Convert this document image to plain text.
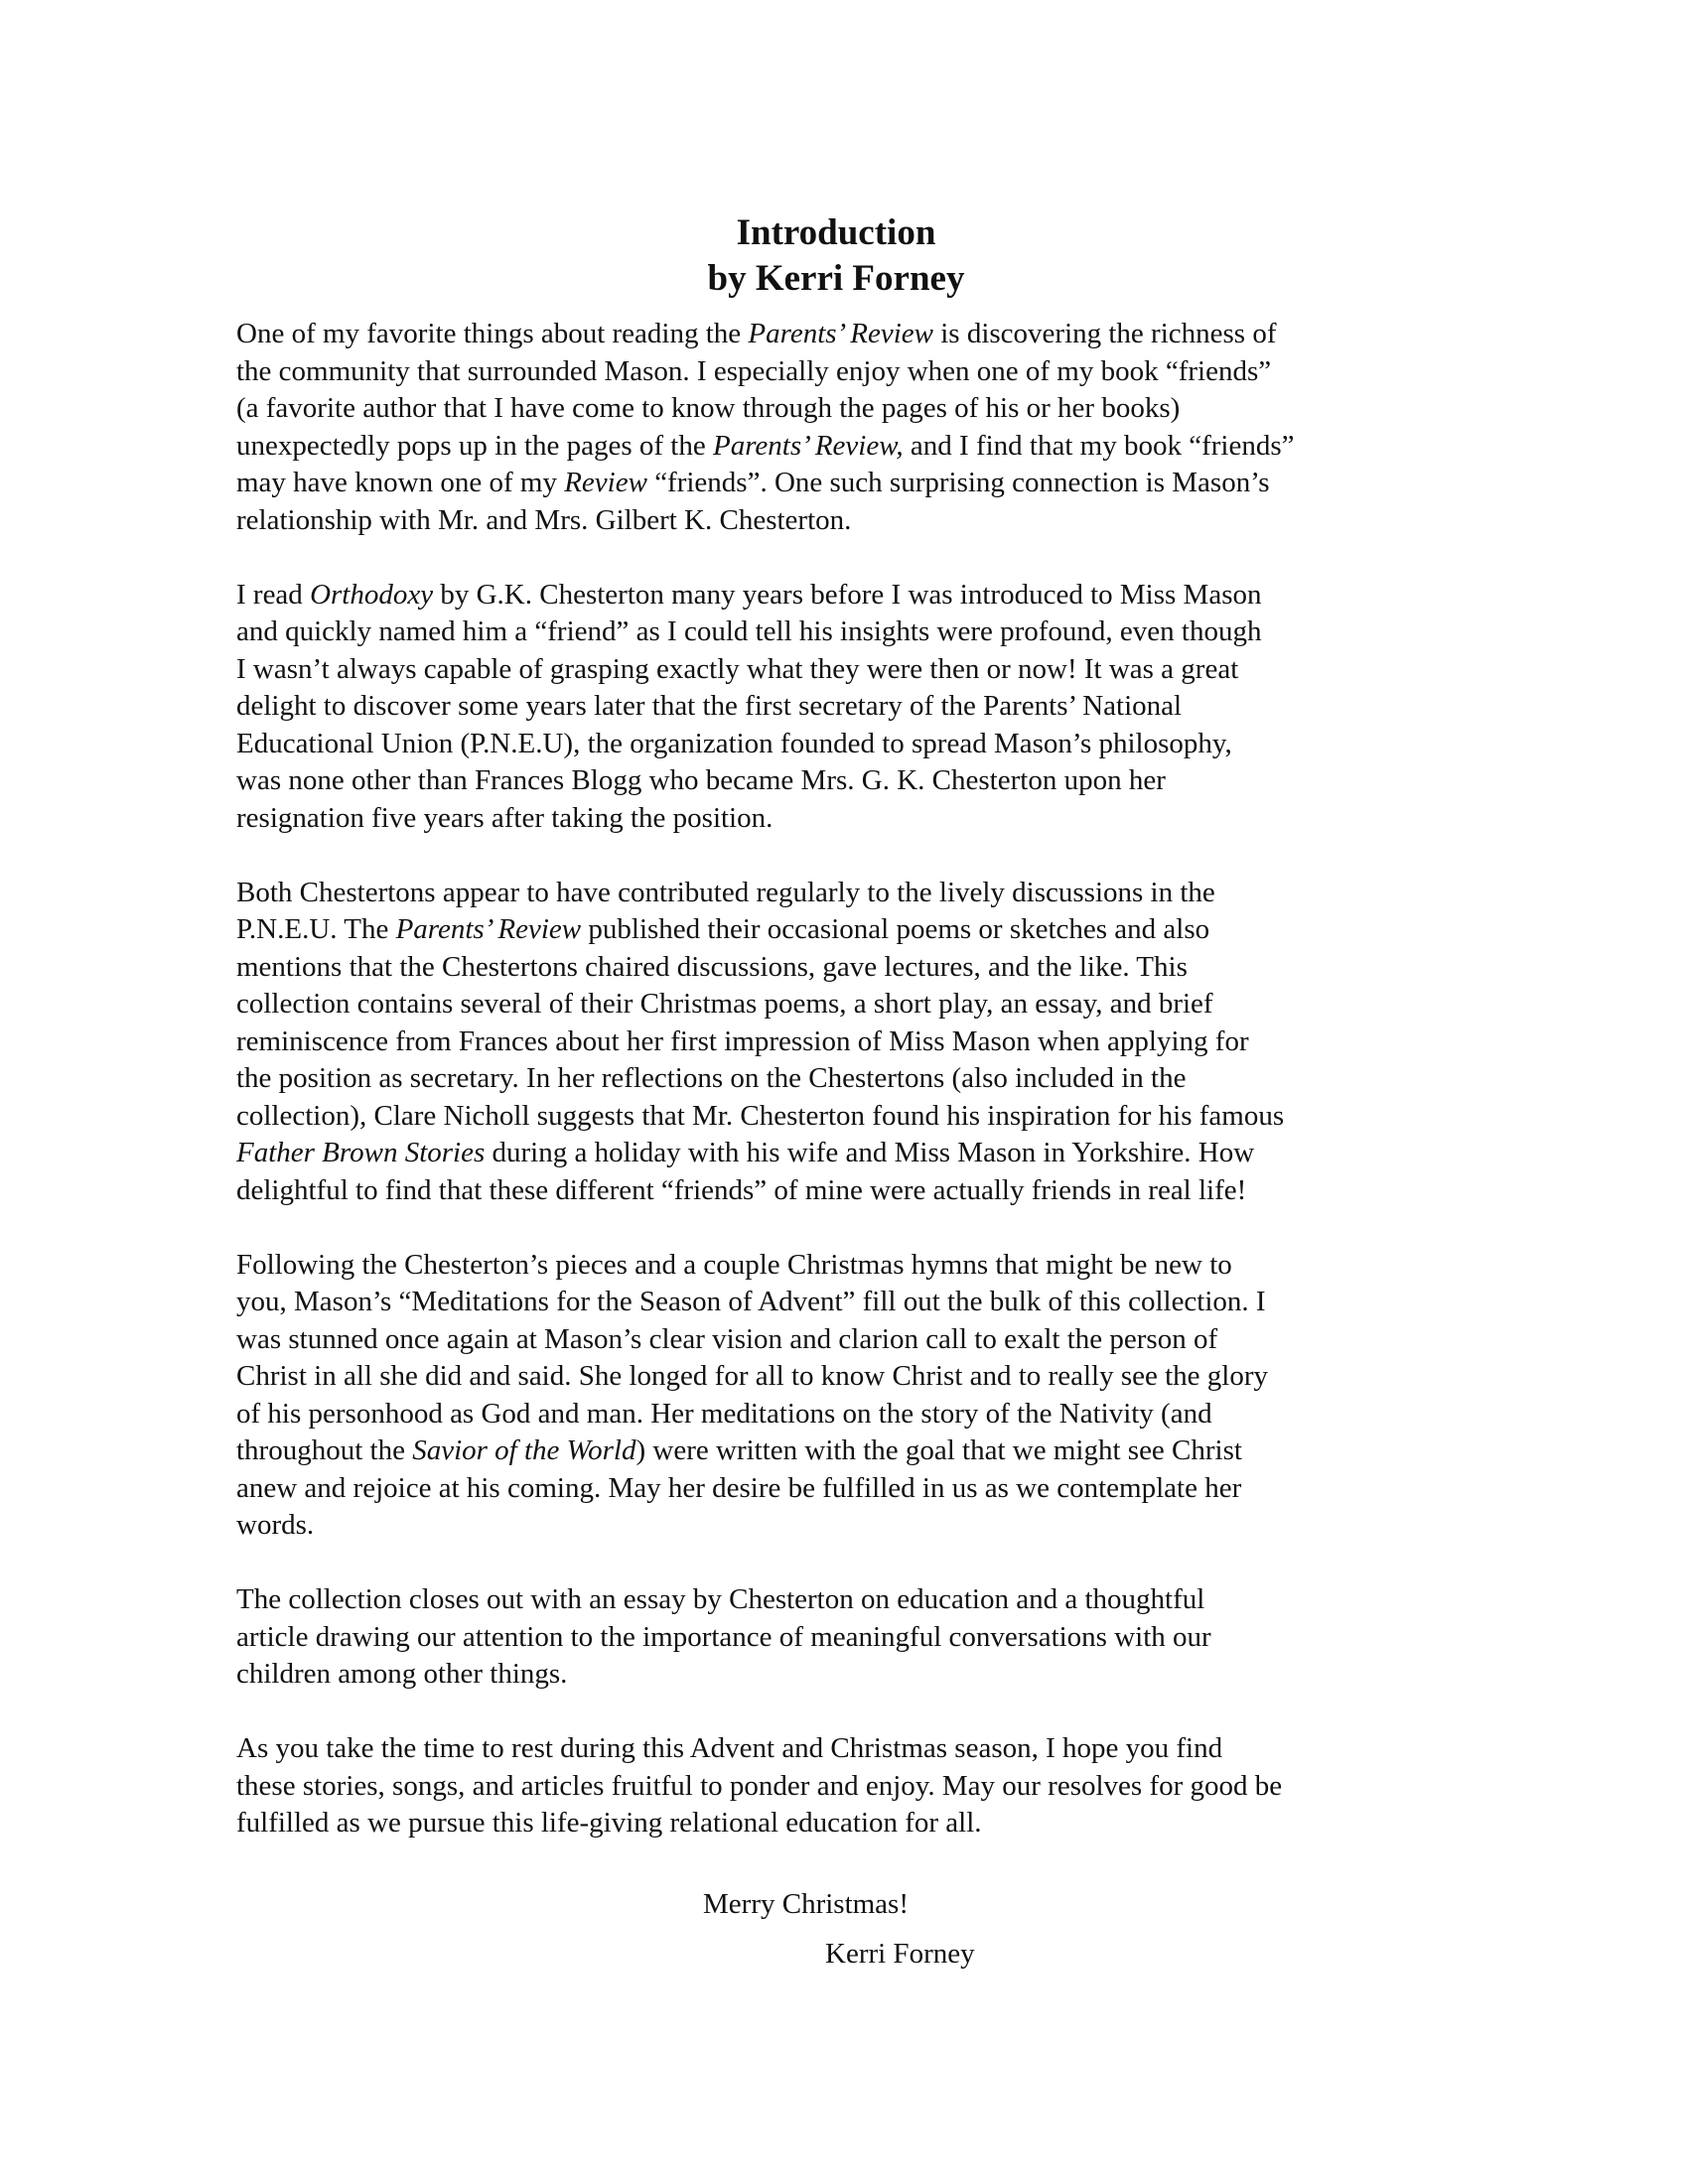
Introduction
by Kerri Forney
One of my favorite things about reading the Parents’ Review is discovering the richness of
the community that surrounded Mason. I especially enjoy when one of my book “friends”
(a favorite author that I have come to know through the pages of his or her books)
unexpectedly pops up in the pages of the Parents’ Review, and I find that my book “friends”
may have known one of my Review “friends”. One such surprising connection is Mason’s
relationship with Mr. and Mrs. Gilbert K. Chesterton.
I read Orthodoxy by G.K. Chesterton many years before I was introduced to Miss Mason
and quickly named him a “friend” as I could tell his insights were profound, even though
I wasn’t always capable of grasping exactly what they were then or now! It was a great
delight to discover some years later that the first secretary of the Parents’ National
Educational Union (P.N.E.U), the organization founded to spread Mason’s philosophy,
was none other than Frances Blogg who became Mrs. G. K. Chesterton upon her
resignation five years after taking the position.
Both Chestertons appear to have contributed regularly to the lively discussions in the
P.N.E.U. The Parents’ Review published their occasional poems or sketches and also
mentions that the Chestertons chaired discussions, gave lectures, and the like. This
collection contains several of their Christmas poems, a short play, an essay, and brief
reminiscence from Frances about her first impression of Miss Mason when applying for
the position as secretary. In her reflections on the Chestertons (also included in the
collection), Clare Nicholl suggests that Mr. Chesterton found his inspiration for his famous
Father Brown Stories during a holiday with his wife and Miss Mason in Yorkshire. How
delightful to find that these different “friends” of mine were actually friends in real life!
Following the Chesterton’s pieces and a couple Christmas hymns that might be new to
you, Mason’s “Meditations for the Season of Advent” fill out the bulk of this collection. I
was stunned once again at Mason’s clear vision and clarion call to exalt the person of
Christ in all she did and said. She longed for all to know Christ and to really see the glory
of his personhood as God and man. Her meditations on the story of the Nativity (and
throughout the Savior of the World) were written with the goal that we might see Christ
anew and rejoice at his coming. May her desire be fulfilled in us as we contemplate her
words.
The collection closes out with an essay by Chesterton on education and a thoughtful
article drawing our attention to the importance of meaningful conversations with our
children among other things.
As you take the time to rest during this Advent and Christmas season, I hope you find
these stories, songs, and articles fruitful to ponder and enjoy. May our resolves for good be
fulfilled as we pursue this life-giving relational education for all.
Merry Christmas!
Kerri Forney
